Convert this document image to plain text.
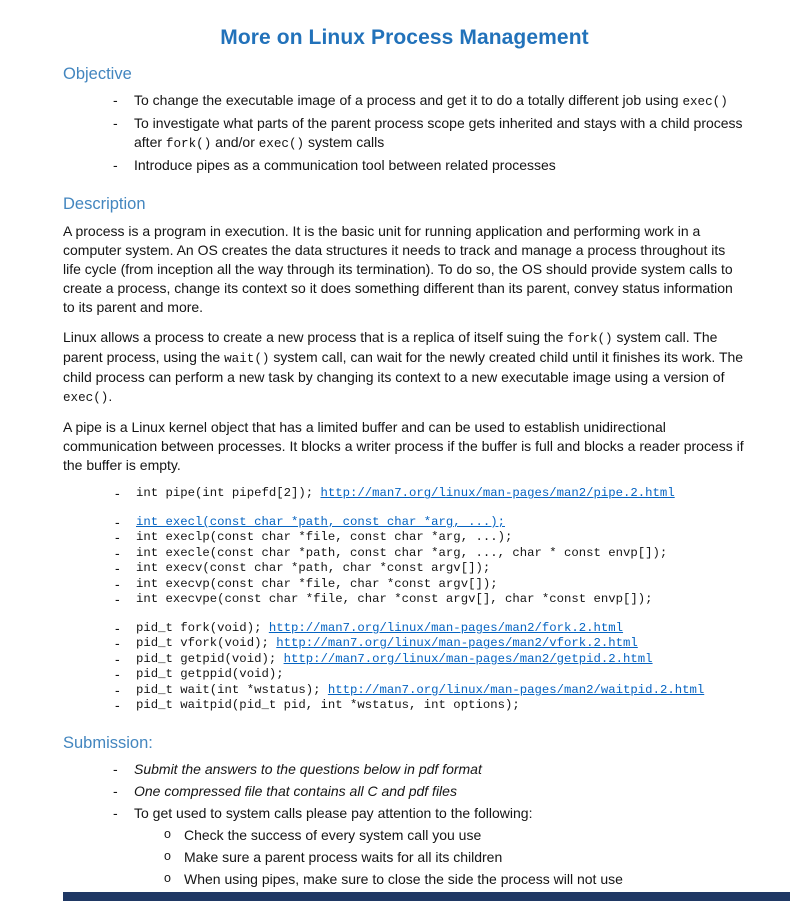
More on Linux Process Management
Objective
-	To change the executable image of a process and get it to do a totally different job using exec()
-	To investigate what parts of the parent process scope gets inherited and stays with a child process after fork() and/or exec() system calls
-	Introduce pipes as a communication tool between related processes
Description

A process is a program in execution. It is the basic unit for running application and performing work in a computer system. An OS creates the data structures it needs to track and manage a process throughout its life cycle (from inception all the way through its termination). To do so, the OS should provide system calls to create a process, change its context so it does something different than its parent, convey status information to its parent and more.

Linux allows a process to create a new process that is a replica of itself suing the fork() system call. The parent process, using the wait() system call, can wait for the newly created child until it finishes its work. The child process can perform a new task by changing its context to a new executable image using a version of exec().

A pipe is a Linux kernel object that has a limited buffer and can be used to establish unidirectional communication between processes. It blocks a writer process if the buffer is full and blocks a reader process if the buffer is empty.

-	int pipe(int pipefd[2]); http://man7.org/linux/man-pages/man2/pipe.2.html
-	int execl(const char *path, const char *arg, ...);
-	int execlp(const char *file, const char *arg, ...);
-	int execle(const char *path, const char *arg, ..., char * const envp[]);
-	int execv(const char *path, char *const argv[]);
-	int execvp(const char *file, char *const argv[]);
-	int execvpe(const char *file, char *const argv[], char *const envp[]);
-	pid_t fork(void); http://man7.org/linux/man-pages/man2/fork.2.html
-	pid_t vfork(void); http://man7.org/linux/man-pages/man2/vfork.2.html
-	pid_t getpid(void); http://man7.org/linux/man-pages/man2/getpid.2.html
-	pid_t getppid(void);
-	pid_t wait(int *wstatus); http://man7.org/linux/man-pages/man2/waitpid.2.html
-	pid_t waitpid(pid_t pid, int *wstatus, int options);
Submission:
-	Submit the answers to the questions below in pdf format
-	One compressed file that contains all C and pdf files
-	To get used to system calls please pay attention to the following:
o Check the success of every system call you use
o Make sure a parent process waits for all its children
o When using pipes, make sure to close the side the process will not use
